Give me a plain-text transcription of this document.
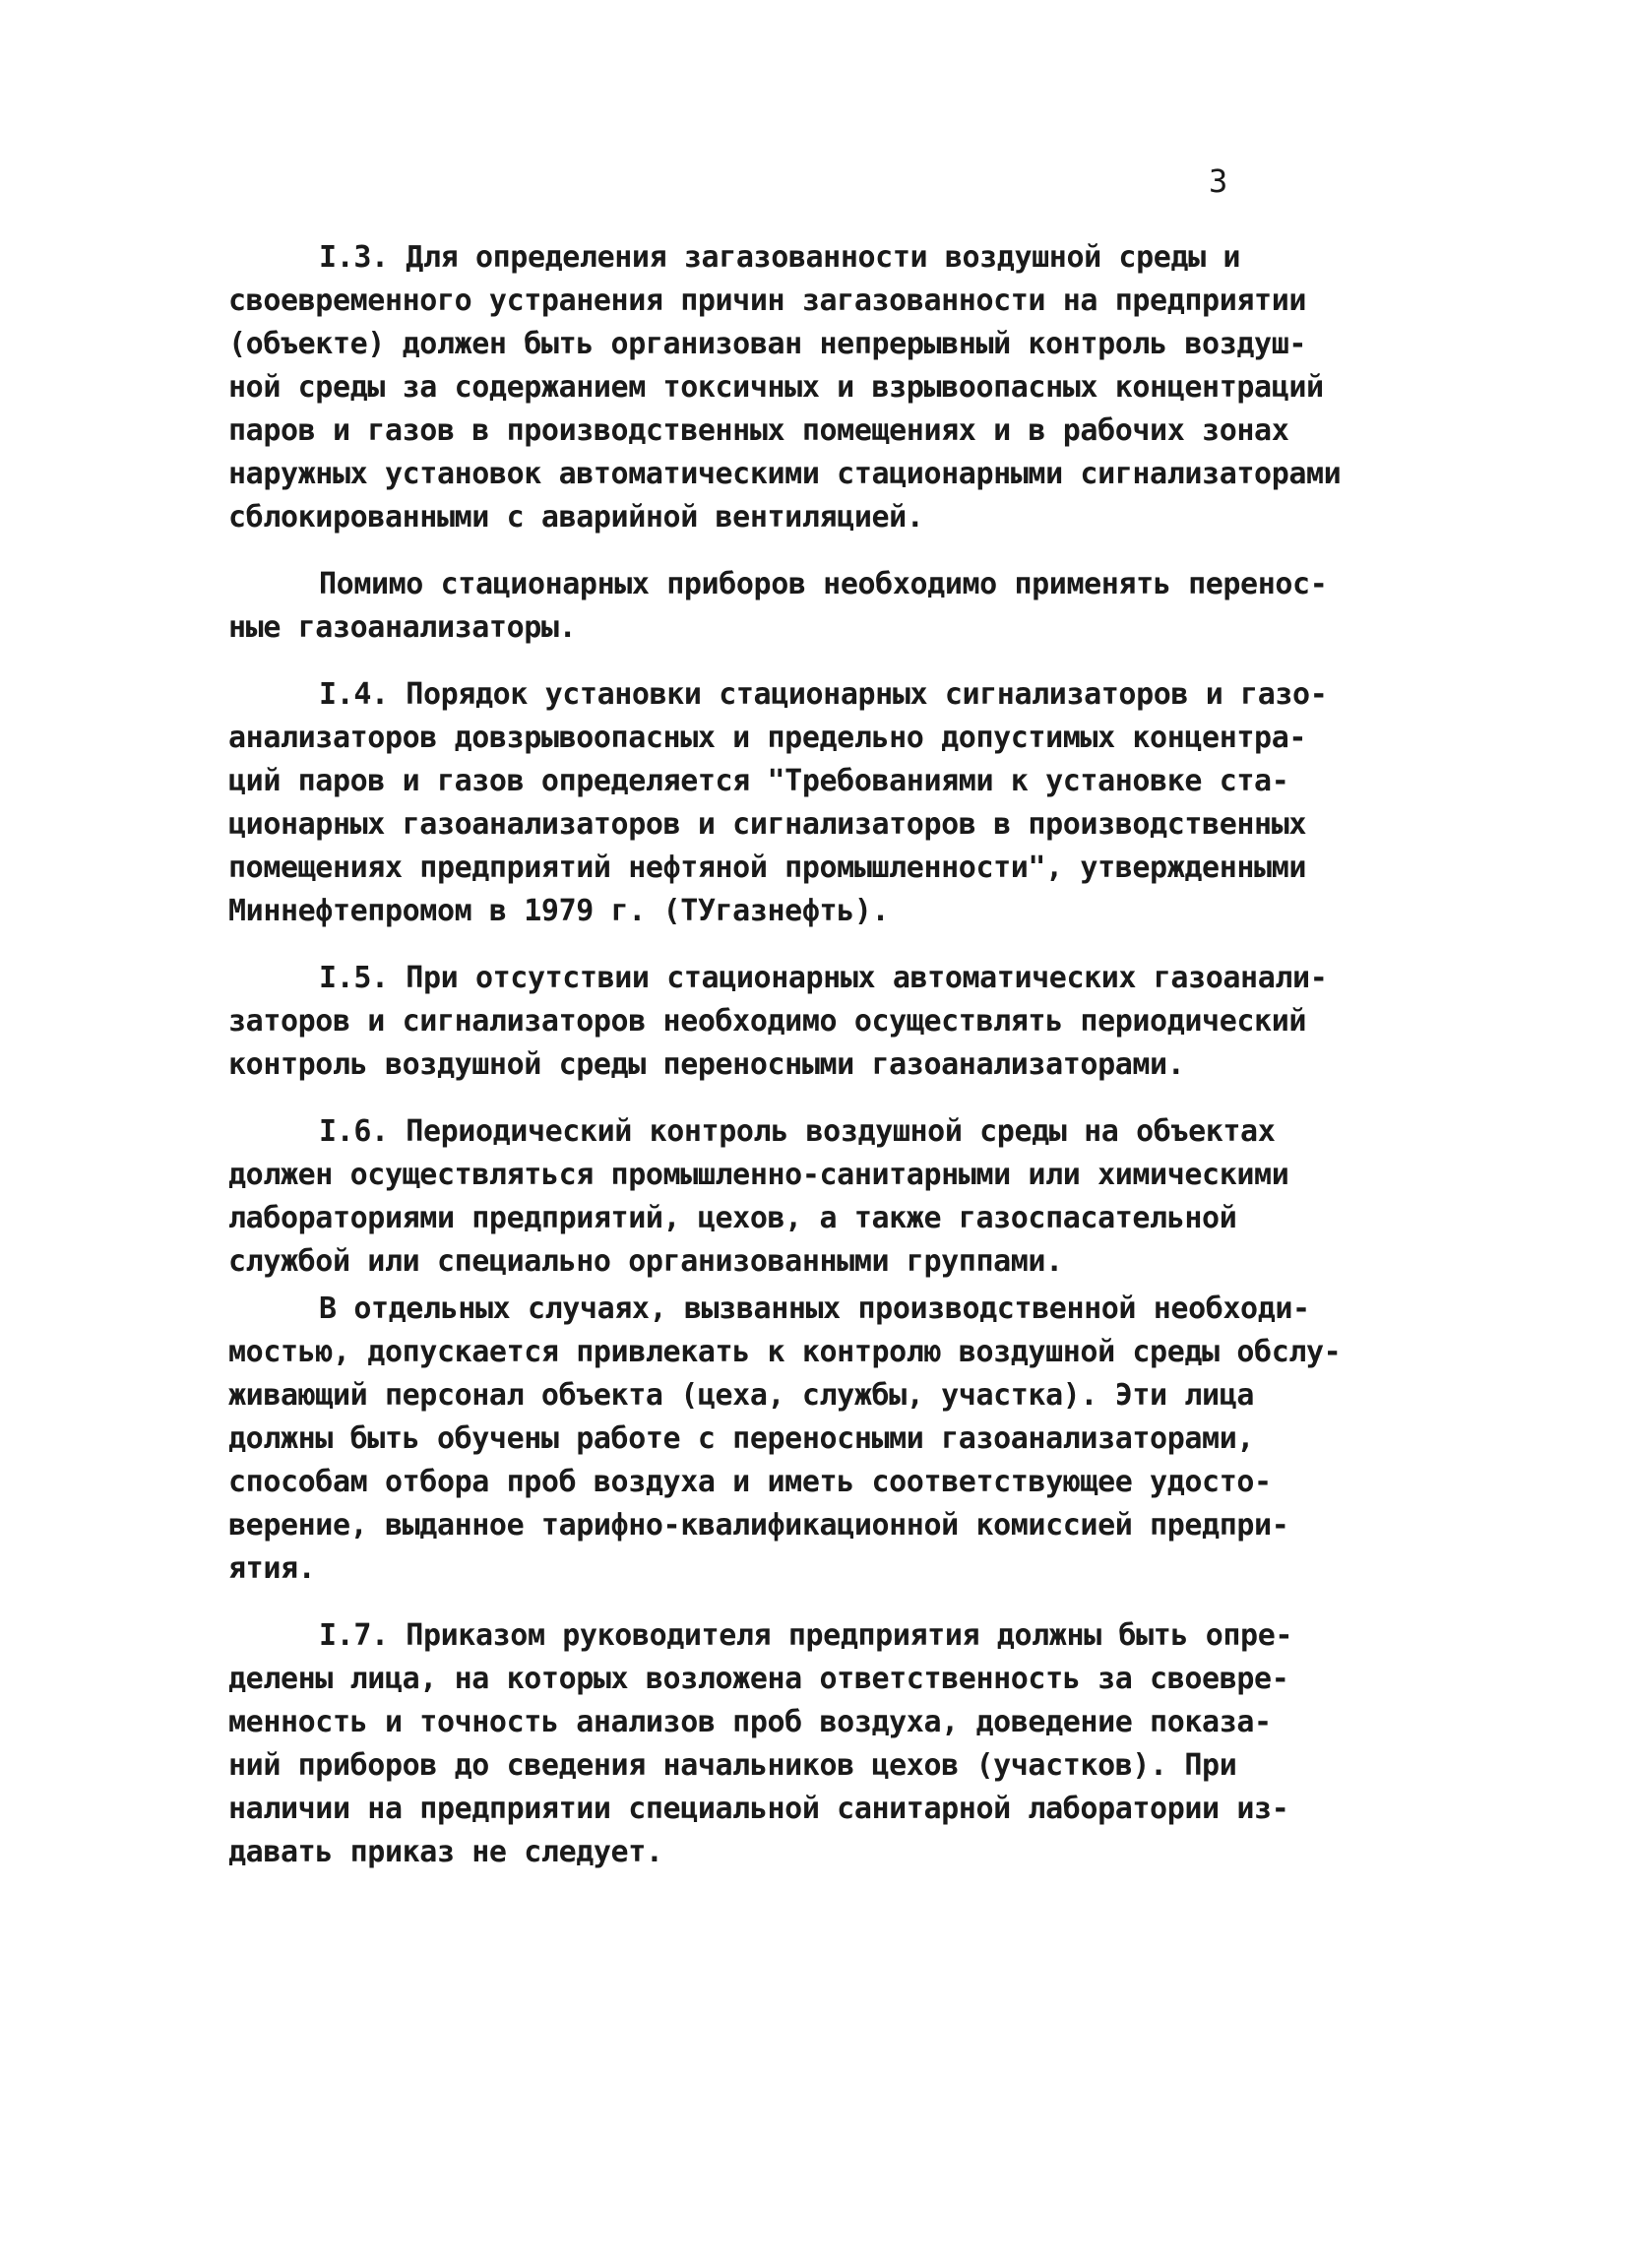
3
I.3. Для определения загазованности воздушной среды и
своевременного устранения причин загазованности на предприятии
(объекте) должен быть организован непрерывный контроль воздуш-
ной среды за содержанием токсичных и взрывоопасных концентраций
паров и газов в производственных помещениях и в рабочих зонах
наружных установок автоматическими стационарными сигнализаторами
сблокированными с аварийной вентиляцией.
Помимо стационарных приборов необходимо применять перенос-
ные газоанализаторы.
I.4. Порядок установки стационарных сигнализаторов и газо-
анализаторов довзрывоопасных и предельно допустимых концентра-
ций паров и газов определяется "Требованиями к установке ста-
ционарных газоанализаторов и сигнализаторов в производственных
помещениях предприятий нефтяной промышленности", утвержденными
Миннефтепромом в 1979 г. (ТУгазнефть).
I.5. При отсутствии стационарных автоматических газоанали-
заторов и сигнализаторов необходимо осуществлять периодический
контроль воздушной среды переносными газоанализаторами.
I.6. Периодический контроль воздушной среды на объектах
должен осуществляться промышленно-санитарными или химическими
лабораториями предприятий, цехов, а также газоспасательной
службой или специально организованными группами.
В отдельных случаях, вызванных производственной необходи-
мостью, допускается привлекать к контролю воздушной среды обслу-
живающий персонал объекта (цеха, службы, участка). Эти лица
должны быть обучены работе с переносными газоанализаторами,
способам отбора проб воздуха и иметь соответствующее удосто-
верение, выданное тарифно-квалификационной комиссией предпри-
ятия.
I.7. Приказом руководителя предприятия должны быть опре-
делены лица, на которых возложена ответственность за своевре-
менность и точность анализов проб воздуха, доведение показа-
ний приборов до сведения начальников цехов (участков). При
наличии на предприятии специальной санитарной лаборатории из-
давать приказ не следует.
